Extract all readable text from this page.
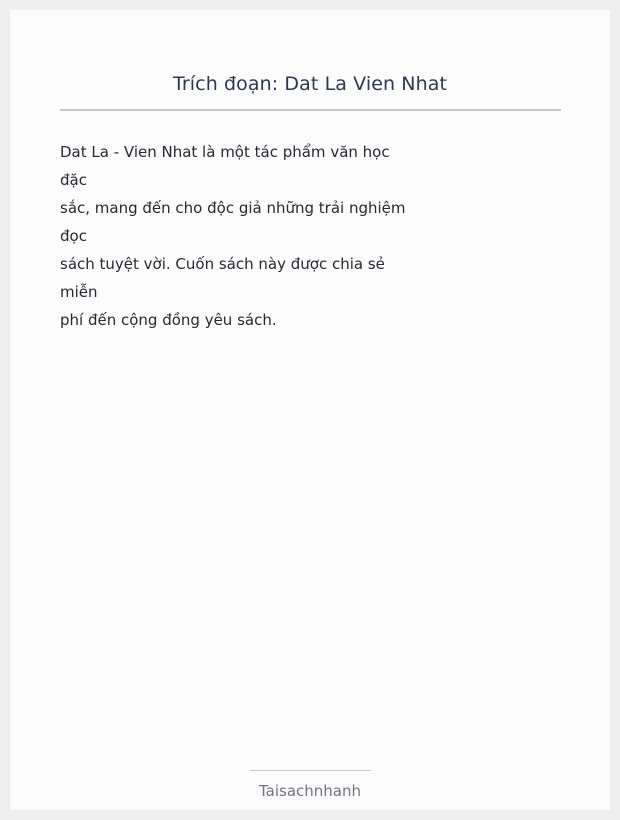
Trích đoạn: Dat La Vien Nhat
Dat La - Vien Nhat là một tác phẩm văn học
đặc
sắc, mang đến cho độc giả những trải nghiệm
đọc
sách tuyệt vời. Cuốn sách này được chia sẻ
miễn
phí đến cộng đồng yêu sách.
Taisachnhanh
